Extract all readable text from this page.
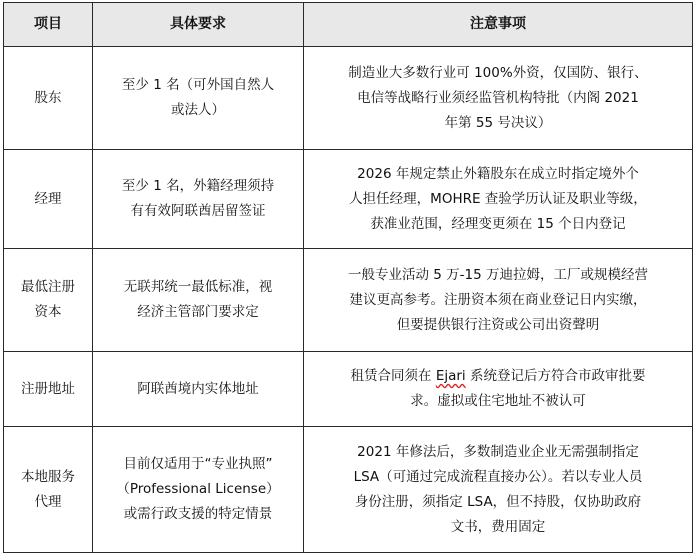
项目	具体要求	注意事项

股东	至少 1 名（可外国自然人
或法人）	制造业大多数行业可 100%外资，仅国防、银行、
电信等战略行业须经监管机构特批（内阁 2021
年第 55 号决议）

经理	至少 1 名，外籍经理须持
有有效阿联酋居留签证	2026 年规定禁止外籍股东在成立时指定境外个
人担任经理，MOHRE 查验学历认证及职业等级，
获准业范围，经理变更须在 15 个日内登记

最低注册
资本	无联邦统一最低标准，视
经济主管部门要求定	一般专业活动 5 万-15 万迪拉姆，工厂或规模经营
建议更高参考。注册资本须在商业登记日内实缴，
但要提供银行注资或公司出资聲明

注册地址	阿联酋境内实体地址	租赁合同须在 Ejari 系统登记后方符合市政审批要
求。虚拟或住宅地址不被认可

本地服务
代理	目前仅适用于“专业执照”
（Professional License）
或需行政支援的特定情景	2021 年修法后，多数制造业企业无需强制指定
LSA（可通过完成流程直接办公）。若以专业人员
身份注册，须指定 LSA，但不持股，仅协助政府
文书，费用固定
